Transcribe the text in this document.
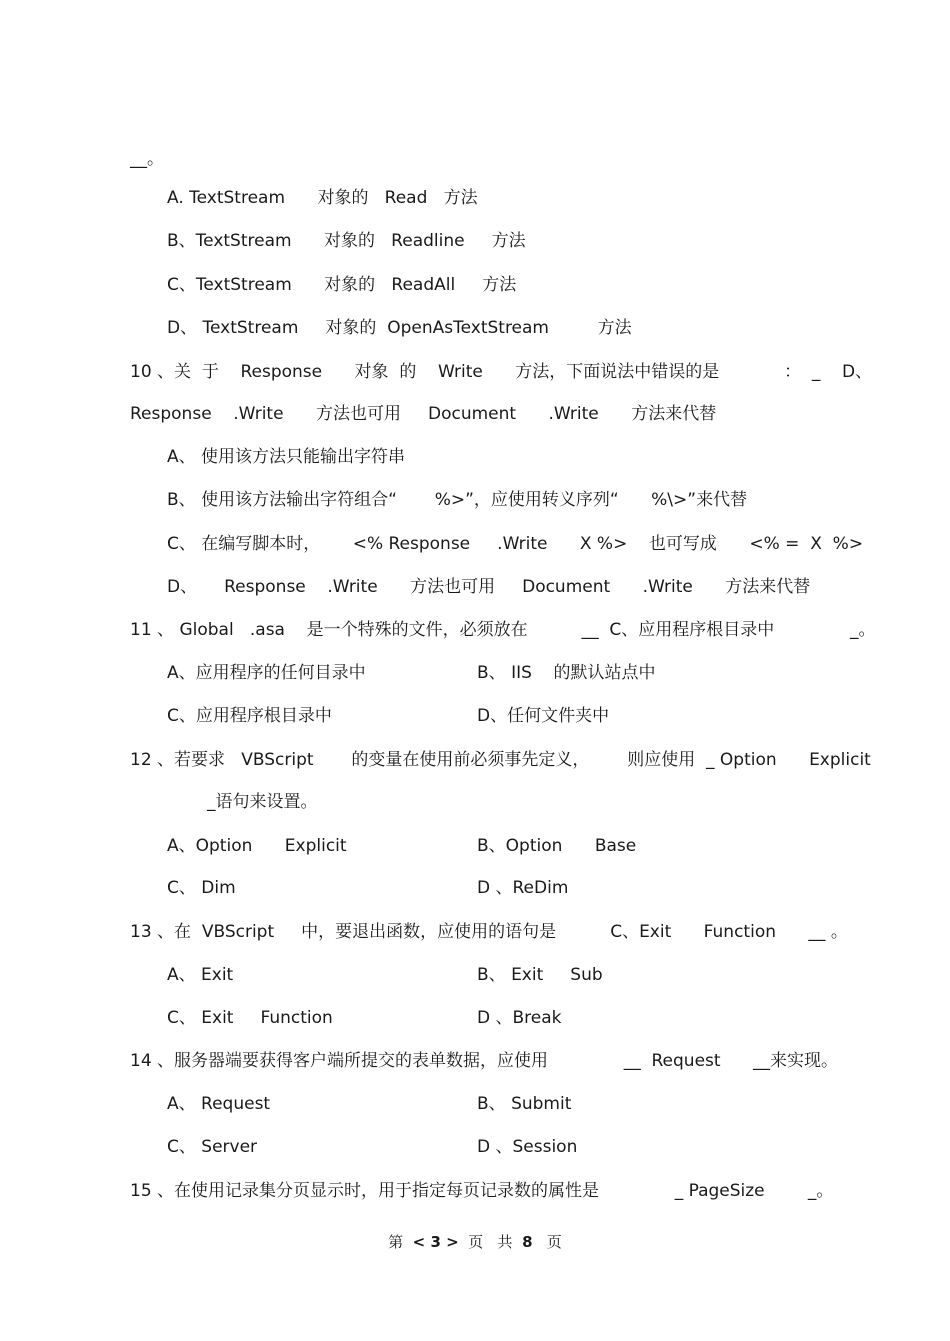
__。
A. TextStream      对象的   Read   方法
B、TextStream      对象的   Readline     方法
C、TextStream      对象的   ReadAll     方法
D、 TextStream     对象的  OpenAsTextStream         方法
10 、关  于    Response      对象  的    Write      方法，下面说法中错误的是            ：  _    D、
Response    .Write      方法也可用     Document      .Write      方法来代替
A、 使用该方法只能输出字符串
B、 使用该方法输出字符组合“       %>”，应使用转义序列“      %\>”来代替
C、 在编写脚本时，      <% Response     .Write      X %>    也可写成      <% =  X  %>
D、     Response    .Write      方法也可用     Document      .Write      方法来代替
11 、 Global   .asa    是一个特殊的文件，必须放在          __  C、应用程序根目录中              _。
A、应用程序的任何目录中	B、 IIS    的默认站点中
C、应用程序根目录中	D、任何文件夹中
12 、若要求   VBScript       的变量在使用前必须事先定义，       则应使用  _ Option      Explicit
_语句来设置。
A、Option      Explicit	B、Option      Base
C、 Dim	D 、ReDim
13 、在  VBScript     中，要退出函数，应使用的语句是          C、Exit      Function      __ 。
A、 Exit	B、 Exit     Sub
C、 Exit     Function	D 、Break
14 、服务器端要获得客户端所提交的表单数据，应使用              __  Request      __来实现。
A、 Request	B、 Submit
C、 Server	D 、Session
15 、在使用记录集分页显示时，用于指定每页记录数的属性是              _ PageSize        _。
第 < 3 > 页   共 8 页
